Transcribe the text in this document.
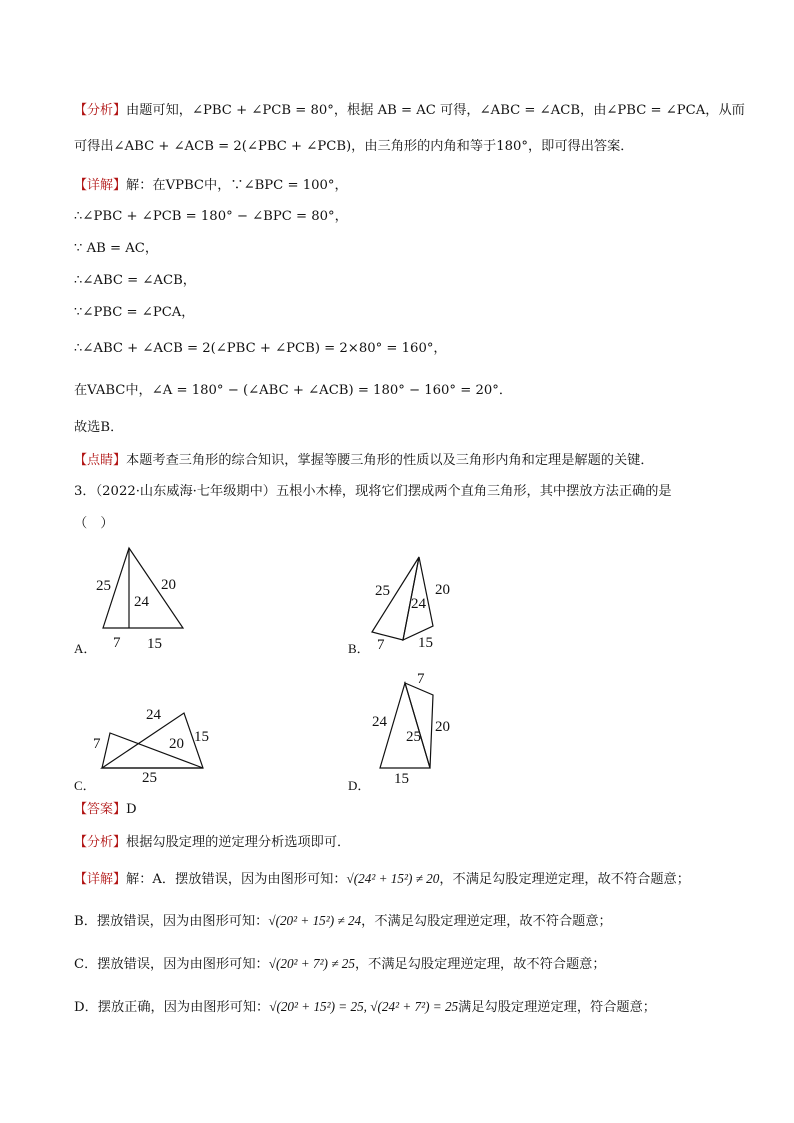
【分析】由题可知，∠PBC + ∠PCB = 80°，根据 AB = AC 可得，∠ABC = ∠ACB，由∠PBC = ∠PCA，从而
可得出∠ABC + ∠ACB = 2(∠PBC + ∠PCB)，由三角形的内角和等于180°，即可得出答案．
【详解】解：在VPBC中，∵∠BPC = 100°，
∴∠PBC + ∠PCB = 180° − ∠BPC = 80°，
∵ AB = AC，
∴∠ABC = ∠ACB，
∵∠PBC = ∠PCA，
∴∠ABC + ∠ACB = 2(∠PBC + ∠PCB) = 2×80° = 160°，
在VABC中，∠A = 180° − (∠ABC + ∠ACB) = 180° − 160° = 20°．
故选B．
【点睛】本题考查三角形的综合知识，掌握等腰三角形的性质以及三角形内角和定理是解题的关键．
3．（2022·山东威海·七年级期中）五根小木棒，现将它们摆成两个直角三角形，其中摆放方法正确的是
（　）
A．
25
24
20
7 15
25
24
20
7 15
7
24
20 15
25
7
24
25
20
15
B．
C．	D．
【答案】D
【分析】根据勾股定理的逆定理分析选项即可．
【详解】解：A．摆放错误，因为由图形可知：√(24² + 15²) ≠ 20，不满足勾股定理逆定理，故不符合题意；
B．摆放错误，因为由图形可知：√(20² + 15²) ≠ 24，不满足勾股定理逆定理，故不符合题意；
C．摆放错误，因为由图形可知：√(20² + 7²) ≠ 25，不满足勾股定理逆定理，故不符合题意；
D．摆放正确，因为由图形可知：√(20² + 15²) = 25, √(24² + 7²) = 25满足勾股定理逆定理，符合题意；
